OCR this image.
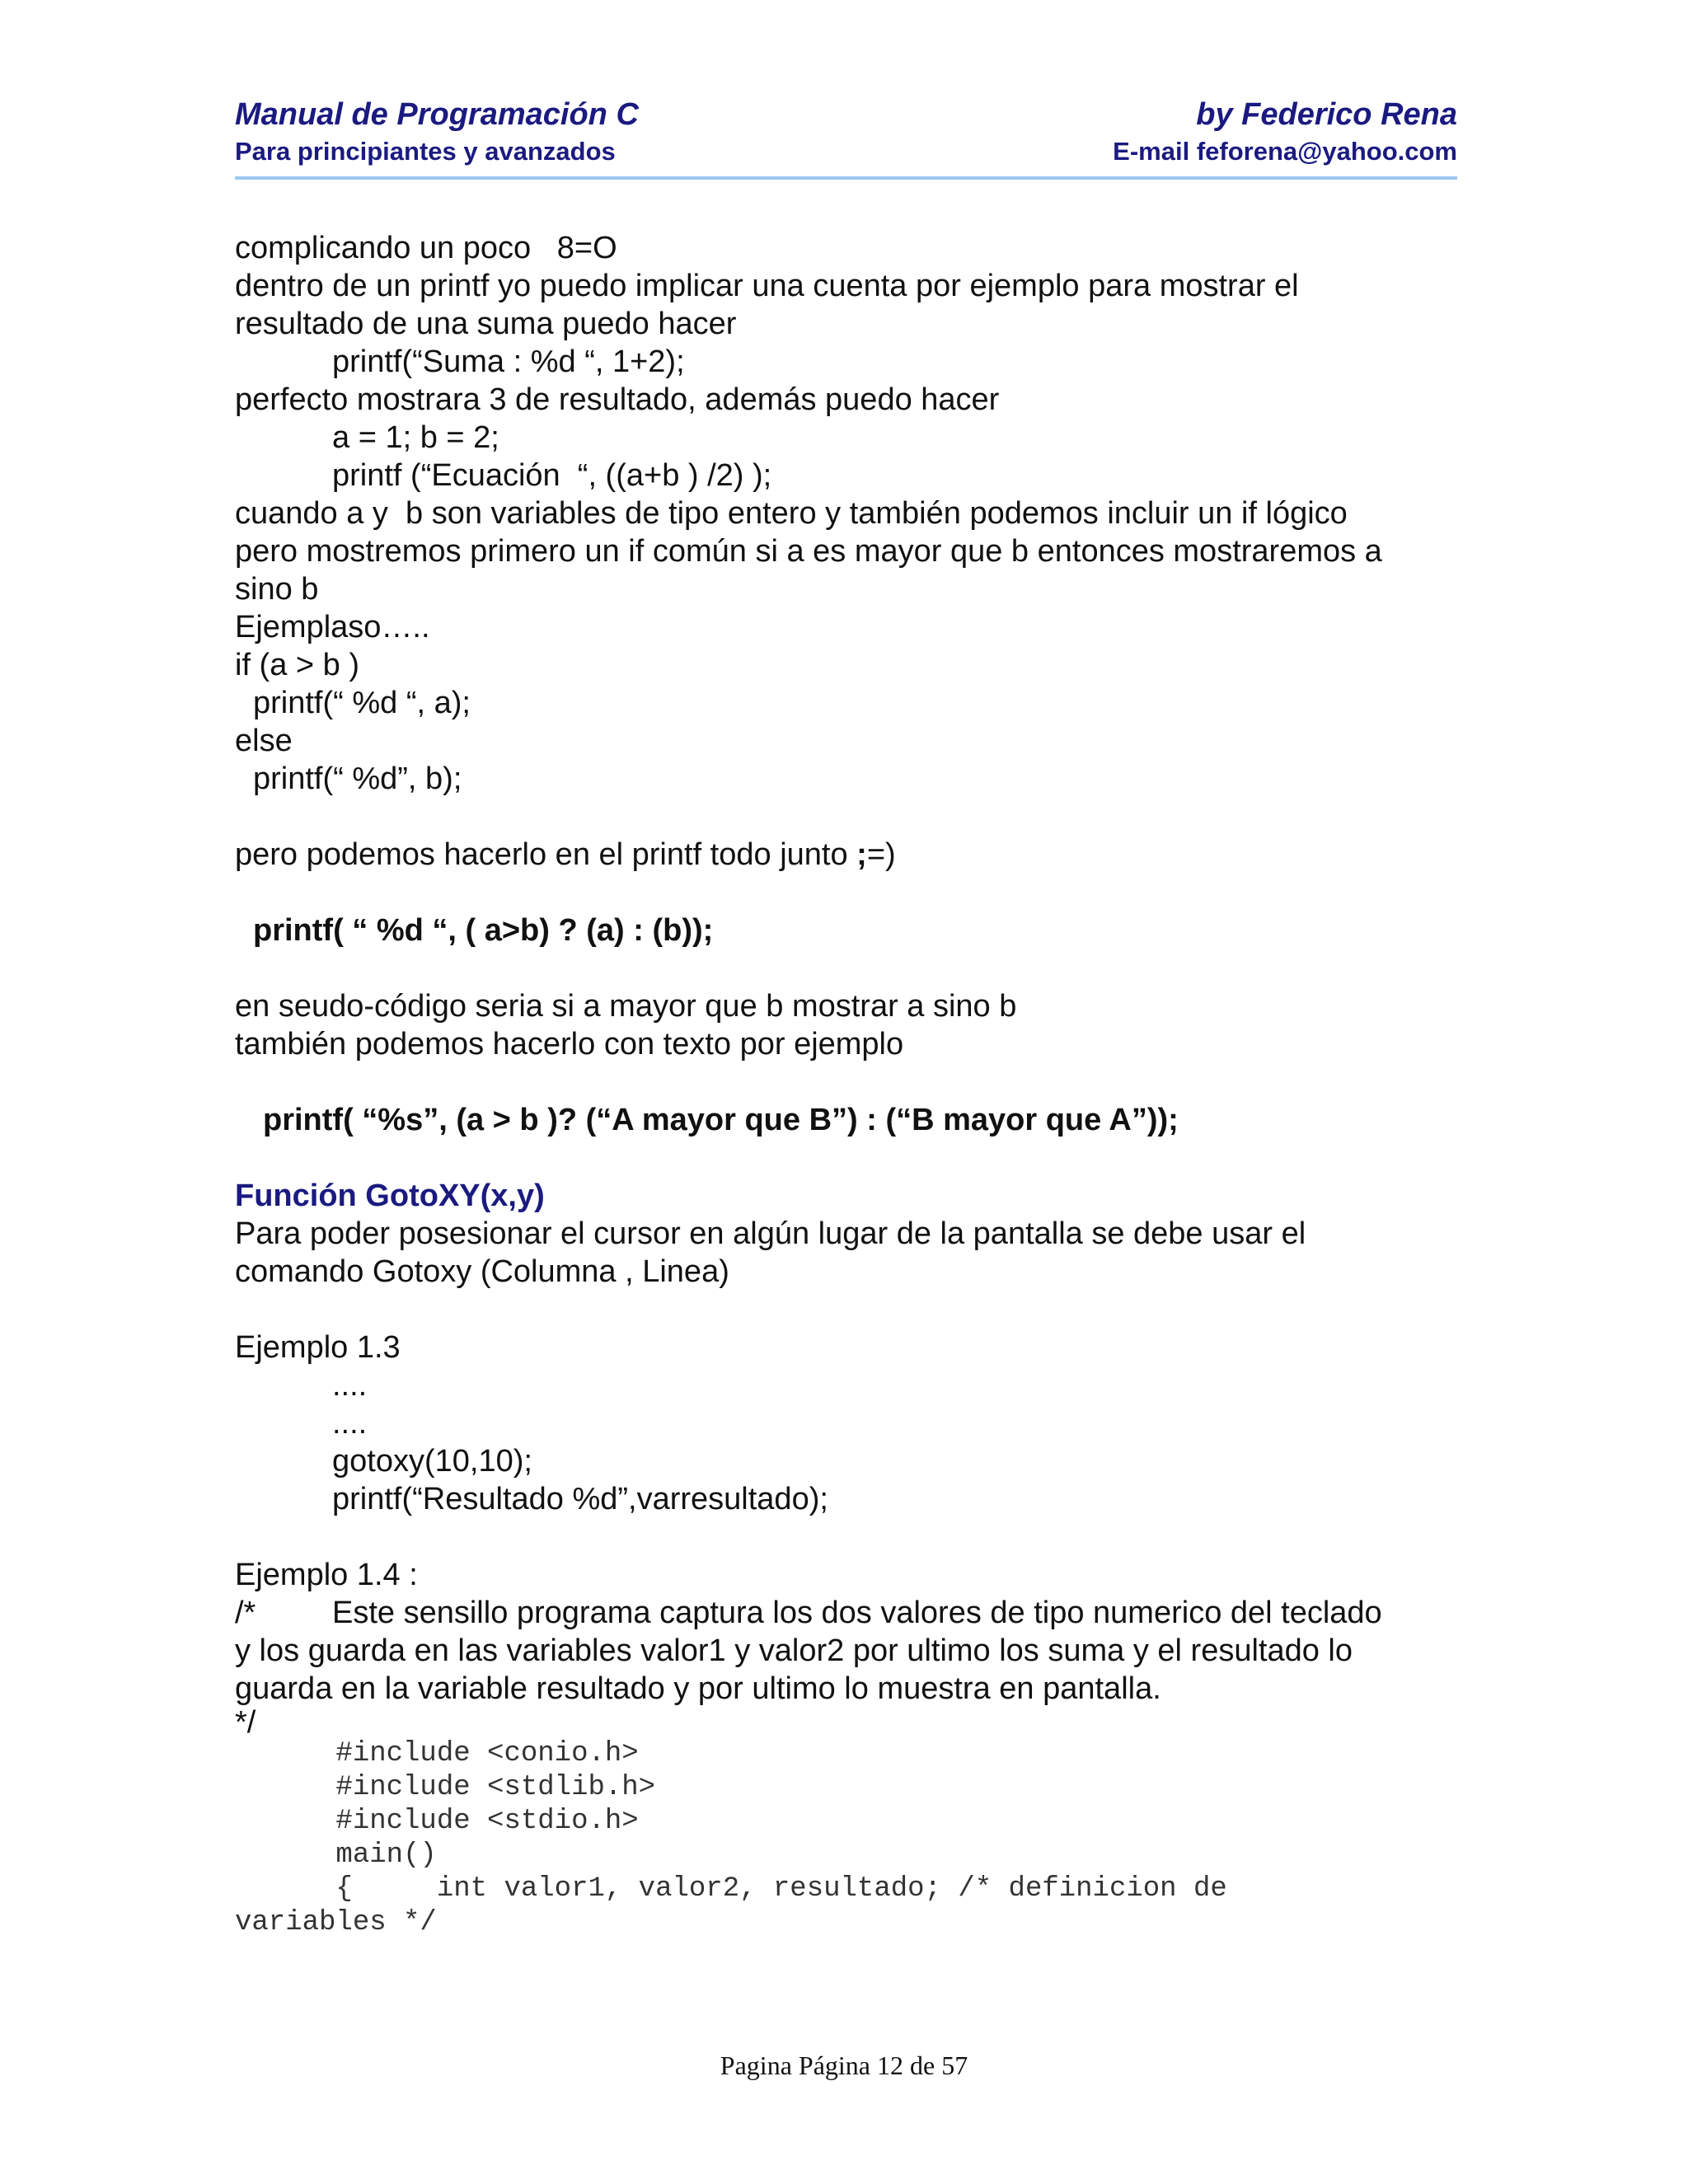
Manual de Programación C
Para principiantes y avanzados
by Federico Rena
E-mail feforena@yahoo.com
complicando un poco   8=O
dentro de un printf yo puedo implicar una cuenta por ejemplo para mostrar el
resultado de una suma puedo hacer
printf(“Suma : %d “, 1+2);
perfecto mostrara 3 de resultado, además puedo hacer
a = 1; b = 2;
printf (“Ecuación  “, ((a+b ) /2) );
cuando a y  b son variables de tipo entero y también podemos incluir un if lógico
pero mostremos primero un if común si a es mayor que b entonces mostraremos a
sino b
Ejemplaso…..
if (a > b )
printf(“ %d “, a);
else
printf(“ %d”, b);
pero podemos hacerlo en el printf todo junto ;=)
printf( “ %d “, ( a>b) ? (a) : (b));
en seudo-código seria si a mayor que b mostrar a sino b
también podemos hacerlo con texto por ejemplo
printf( “%s”, (a > b )? (“A mayor que B”) : (“B mayor que A”));
Función GotoXY(x,y)
Para poder posesionar el cursor en algún lugar de la pantalla se debe usar el
comando Gotoxy (Columna , Linea)
Ejemplo 1.3
....
....
gotoxy(10,10);
printf(“Resultado %d”,varresultado);
Ejemplo 1.4 :
/* Este sensillo programa captura los dos valores de tipo numerico del teclado
y los guarda en las variables valor1 y valor2 por ultimo los suma y el resultado lo
guarda en la variable resultado y por ultimo lo muestra en pantalla.
*/
#include <conio.h>
#include <stdlib.h>
#include <stdio.h>
main()
{     int valor1, valor2, resultado; /* definicion de
variables */
Pagina Página 12 de 57
